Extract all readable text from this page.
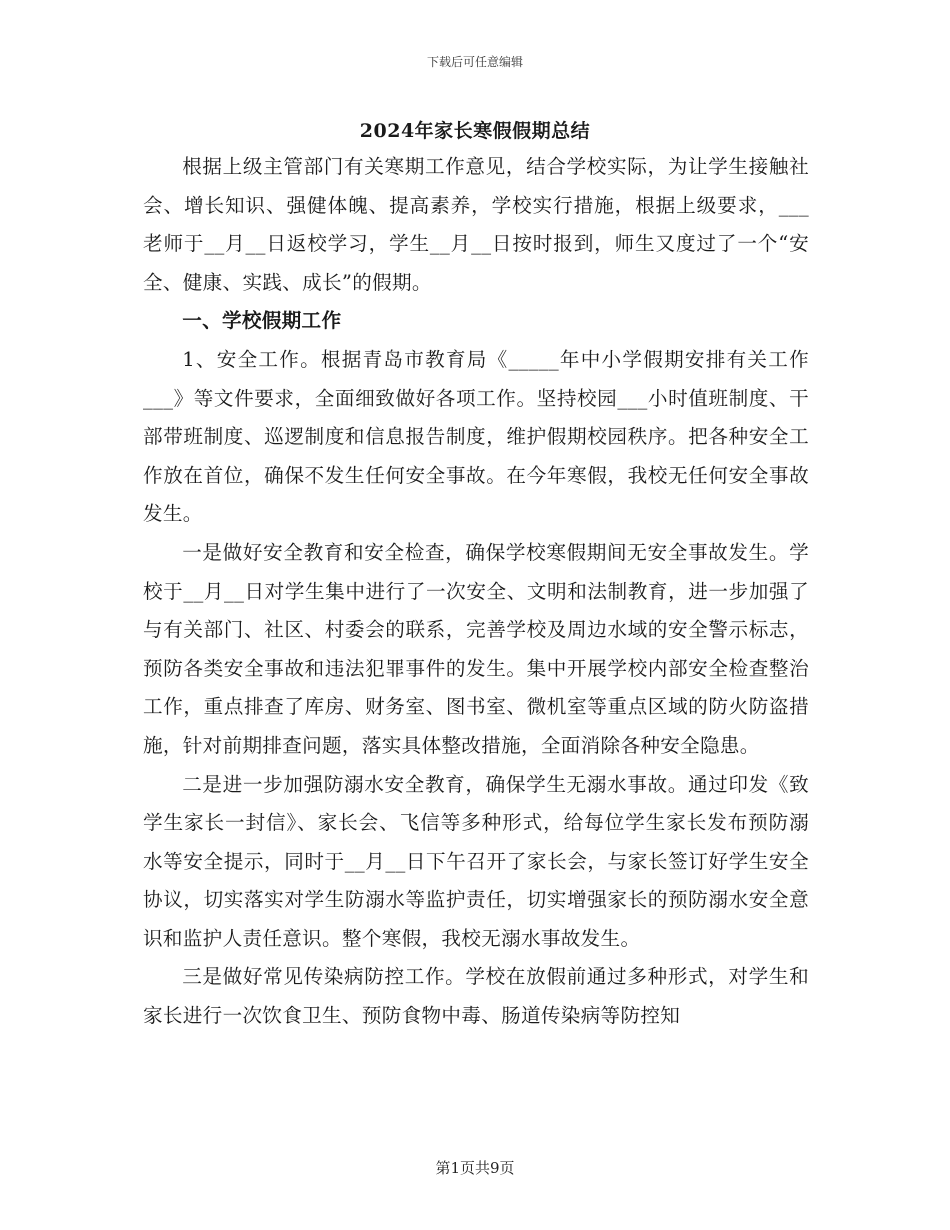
下载后可任意编辑
2024年家长寒假假期总结

根据上级主管部门有关寒期工作意见，结合学校实际，为让学生接触社会、增长知识、强健体魄、提高素养，学校实行措施，根据上级要求，___老师于__月__日返校学习，学生__月__日按时报到，师生又度过了一个“安全、健康、实践、成长”的假期。

一、学校假期工作

1、安全工作。根据青岛市教育局《_____年中小学假期安排有关工作___》等文件要求，全面细致做好各项工作。坚持校园___小时值班制度、干部带班制度、巡逻制度和信息报告制度，维护假期校园秩序。把各种安全工作放在首位，确保不发生任何安全事故。在今年寒假，我校无任何安全事故发生。

一是做好安全教育和安全检查，确保学校寒假期间无安全事故发生。学校于__月__日对学生集中进行了一次安全、文明和法制教育，进一步加强了与有关部门、社区、村委会的联系，完善学校及周边水域的安全警示标志，预防各类安全事故和违法犯罪事件的发生。集中开展学校内部安全检查整治工作，重点排查了库房、财务室、图书室、微机室等重点区域的防火防盗措施，针对前期排查问题，落实具体整改措施，全面消除各种安全隐患。

二是进一步加强防溺水安全教育，确保学生无溺水事故。通过印发《致学生家长一封信》、家长会、飞信等多种形式，给每位学生家长发布预防溺水等安全提示，同时于__月__日下午召开了家长会，与家长签订好学生安全协议，切实落实对学生防溺水等监护责任，切实增强家长的预防溺水安全意识和监护人责任意识。整个寒假，我校无溺水事故发生。

三是做好常见传染病防控工作。学校在放假前通过多种形式，对学生和家长进行一次饮食卫生、预防食物中毒、肠道传染病等防控知

第1页共9页
